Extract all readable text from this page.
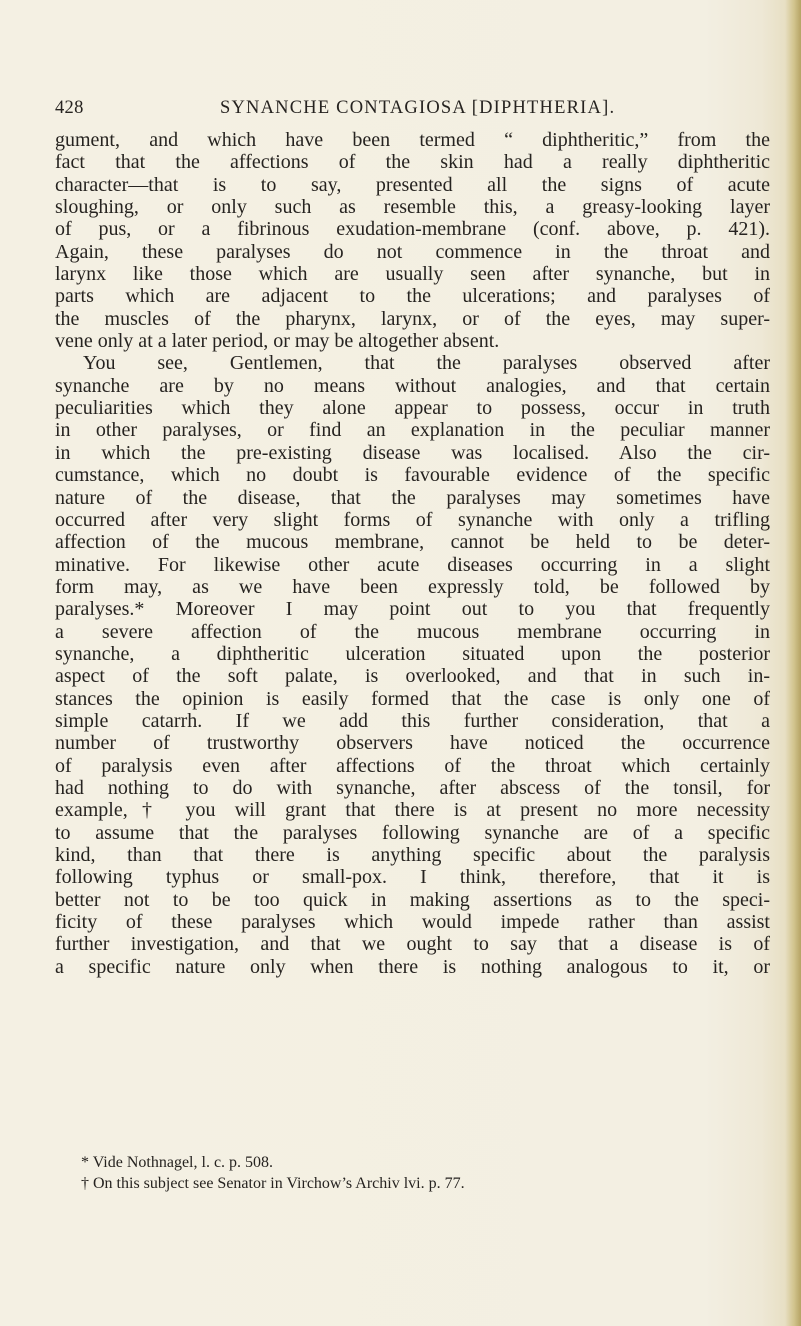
428	SYNANCHE CONTAGIOSA [DIPHTHERIA].
gument, and which have been termed “ diphtheritic,” from the
fact that the affections of the skin had a really diphtheritic
character—that is to say, presented all the signs of acute
sloughing, or only such as resemble this, a greasy-looking layer
of pus, or a fibrinous exudation-membrane (conf. above, p. 421).
Again, these paralyses do not commence in the throat and
larynx like those which are usually seen after synanche, but in
parts which are adjacent to the ulcerations; and paralyses of
the muscles of the pharynx, larynx, or of the eyes, may super-
vene only at a later period, or may be altogether absent.
You see, Gentlemen, that the paralyses observed after
synanche are by no means without analogies, and that certain
peculiarities which they alone appear to possess, occur in truth
in other paralyses, or find an explanation in the peculiar manner
in which the pre-existing disease was localised. Also the cir-
cumstance, which no doubt is favourable evidence of the specific
nature of the disease, that the paralyses may sometimes have
occurred after very slight forms of synanche with only a trifling
affection of the mucous membrane, cannot be held to be deter-
minative. For likewise other acute diseases occurring in a slight
form may, as we have been expressly told, be followed by
paralyses.* Moreover I may point out to you that frequently
a severe affection of the mucous membrane occurring in
synanche, a diphtheritic ulceration situated upon the posterior
aspect of the soft palate, is overlooked, and that in such in-
stances the opinion is easily formed that the case is only one of
simple catarrh. If we add this further consideration, that a
number of trustworthy observers have noticed the occurrence
of paralysis even after affections of the throat which certainly
had nothing to do with synanche, after abscess of the tonsil, for
example,† you will grant that there is at present no more necessity
to assume that the paralyses following synanche are of a specific
kind, than that there is anything specific about the paralysis
following typhus or small-pox. I think, therefore, that it is
better not to be too quick in making assertions as to the speci-
ficity of these paralyses which would impede rather than assist
further investigation, and that we ought to say that a disease is of
a specific nature only when there is nothing analogous to it, or
* Vide Nothnagel, l. c. p. 508.
† On this subject see Senator in Virchow’s Archiv lvi. p. 77.
